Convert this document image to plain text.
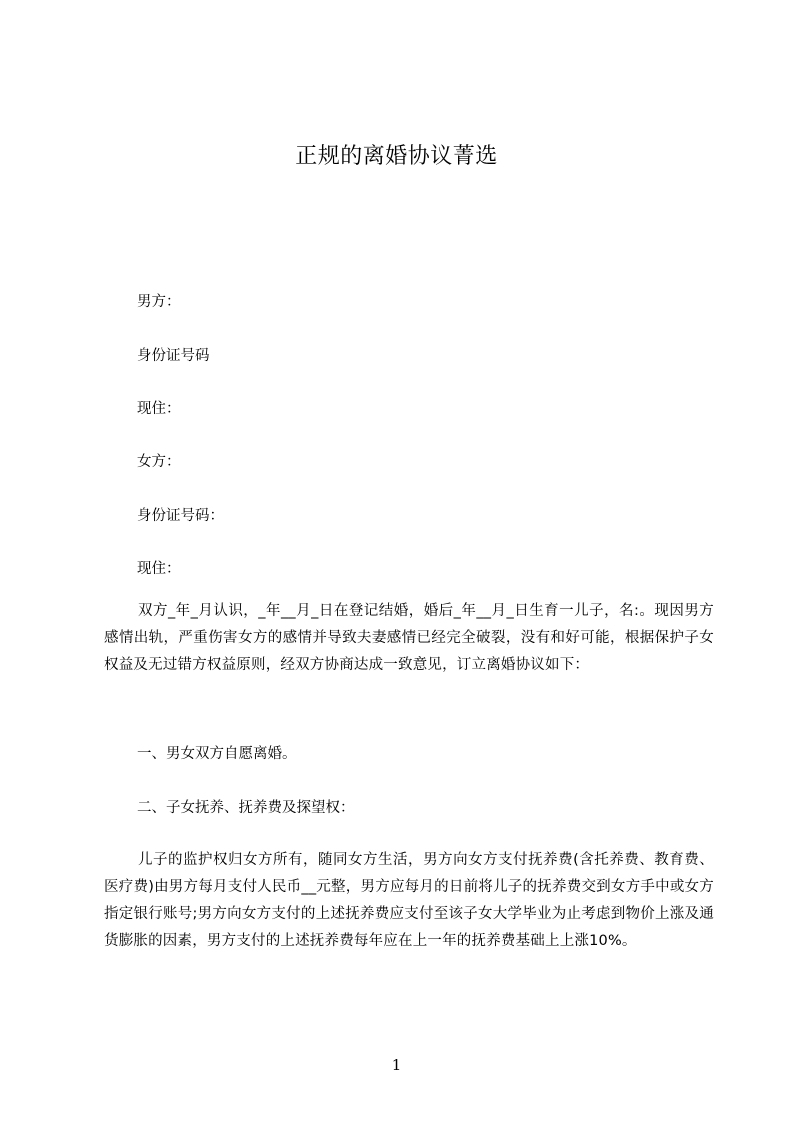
正规的离婚协议菁选
男方：
身份证号码
现住：
女方：
身份证号码：
现住：
双方_年_月认识，_年__月_日在登记结婚，婚后_年__月_日生育一儿子，名:。现因男方感情出轨，严重伤害女方的感情并导致夫妻感情已经完全破裂，没有和好可能，根据保护子女权益及无过错方权益原则，经双方协商达成一致意见，订立离婚协议如下：
一、男女双方自愿离婚。
二、子女抚养、抚养费及探望权：
儿子的监护权归女方所有，随同女方生活，男方向女方支付抚养费(含托养费、教育费、医疗费)由男方每月支付人民币__元整，男方应每月的日前将儿子的抚养费交到女方手中或女方指定银行账号;男方向女方支付的上述抚养费应支付至该子女大学毕业为止考虑到物价上涨及通货膨胀的因素，男方支付的上述抚养费每年应在上一年的抚养费基础上上涨10%。
1
